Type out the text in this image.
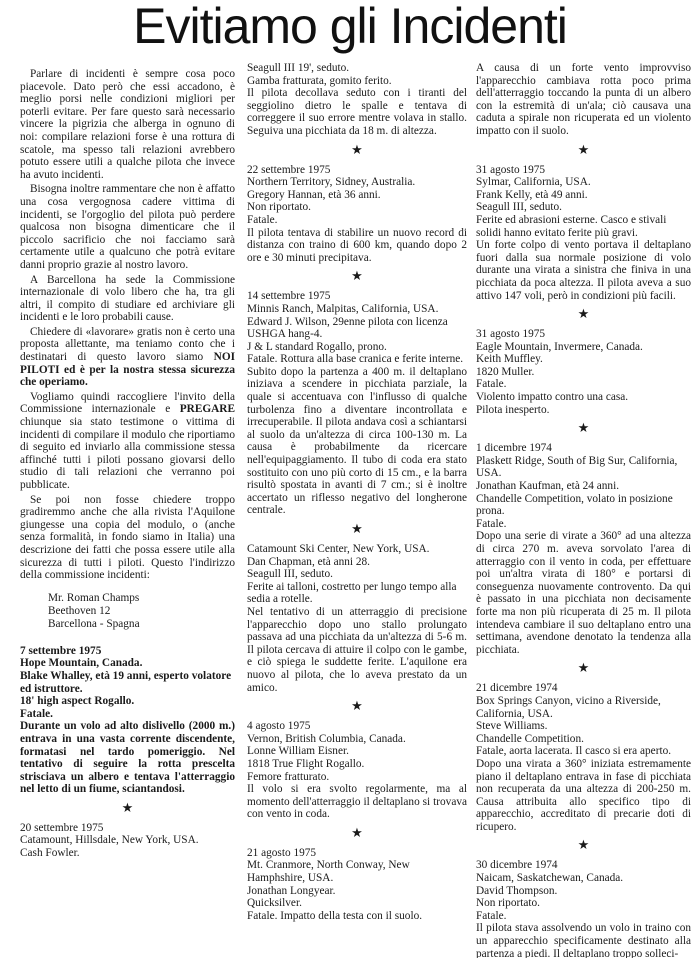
Evitiamo gli Incidenti

Parlare di incidenti è sempre cosa poco piacevole. Dato però che essi accadono, è meglio porsi nelle condizioni migliori per poterli evitare. Per fare questo sarà necessario vincere la pigrizia che alberga in ognuno di noi: compilare relazioni forse è una rottura di scatole, ma spesso tali relazioni avrebbero potuto essere utili a qualche pilota che invece ha avuto incidenti.

Bisogna inoltre rammentare che non è affatto una cosa vergognosa cadere vittima di incidenti, se l'orgoglio del pilota può perdere qualcosa non bisogna dimenticare che il piccolo sacrificio che noi facciamo sarà certamente utile a qualcuno che potrà evitare danni proprio grazie al nostro lavoro.

A Barcellona ha sede la Commissione internazionale di volo libero che ha, tra gli altri, il compito di studiare ed archiviare gli incidenti e le loro probabili cause.

Chiedere di «lavorare» gratis non è certo una proposta allettante, ma teniamo conto che i destinatari di questo lavoro siamo NOI PILOTI ed è per la nostra stessa sicurezza che operiamo.

Vogliamo quindi raccogliere l'invito della Commissione internazionale e PREGARE chiunque sia stato testimone o vittima di incidenti di compilare il modulo che riportiamo di seguito ed inviarlo alla commissione stessa affinché tutti i piloti possano giovarsi dello studio di tali relazioni che verranno poi pubblicate.

Se poi non fosse chiedere troppo gradiremmo anche che alla rivista l'Aquilone giungesse una copia del modulo, o (anche senza formalità, in fondo siamo in Italia) una descrizione dei fatti che possa essere utile alla sicurezza di tutti i piloti. Questo l'indirizzo della commissione incidenti:

Mr. Roman Champs
Beethoven 12
Barcellona - Spagna
7 settembre 1975
Hope Mountain, Canada.
Blake Whalley, età 19 anni, esperto volatore ed istruttore.
18' high aspect Rogallo.
Fatale.
Durante un volo ad alto dislivello (2000 m.) entrava in una vasta corrente discendente, formatasi nel tardo pomeriggio. Nel tentativo di seguire la rotta prescelta strisciava un albero e tentava l'atterraggio nel letto di un fiume, sciantandosi.
★
20 settembre 1975
Catamount, Hillsdale, New York, USA.
Cash Fowler.
Seagull III 19', seduto.
Gamba fratturata, gomito ferito.
Il pilota decollava seduto con i tiranti del seggiolino dietro le spalle e tentava di correggere il suo errore mentre volava in stallo. Seguiva una picchiata da 18 m. di altezza.
★
22 settembre 1975
Northern Territory, Sidney, Australia.
Gregory Hannan, età 36 anni.
Non riportato.
Fatale.
Il pilota tentava di stabilire un nuovo record di distanza con traino di 600 km, quando dopo 2 ore e 30 minuti precipitava.
★
14 settembre 1975
Minnis Ranch, Malpitas, California, USA.
Edward J. Wilson, 29enne pilota con licenza USHGA hang-4.
J & L standard Rogallo, prono.
Fatale. Rottura alla base cranica e ferite interne.
Subito dopo la partenza a 400 m. il deltaplano iniziava a scendere in picchiata parziale, la quale si accentuava con l'influsso di qualche turbolenza fino a diventare incontrollata e irrecuperabile. Il pilota andava così a schiantarsi al suolo da un'altezza di circa 100-130 m. La causa è probabilmente da ricercare nell'equipaggiamento. Il tubo di coda era stato sostituito con uno più corto di 15 cm., e la barra risultò spostata in avanti di 7 cm.; si è inoltre accertato un riflesso negativo del longherone centrale.
★
Catamount Ski Center, New York, USA.
Dan Chapman, età anni 28.
Seagull III, seduto.
Ferite ai talloni, costretto per lungo tempo alla sedia a rotelle.
Nel tentativo di un atterraggio di precisione l'apparecchio dopo uno stallo prolungato passava ad una picchiata da un'altezza di 5-6 m. Il pilota cercava di attuire il colpo con le gambe, e ciò spiega le suddette ferite. L'aquilone era nuovo al pilota, che lo aveva prestato da un amico.
★
4 agosto 1975
Vernon, British Columbia, Canada.
Lonne William Eisner.
1818 True Flight Rogallo.
Femore fratturato.
Il volo si era svolto regolarmente, ma al momento dell'atterraggio il deltaplano si trovava con vento in coda.
★
21 agosto 1975
Mt. Cranmore, North Conway, New Hamphshire, USA.
Jonathan Longyear.
Quicksilver.
Fatale. Impatto della testa con il suolo.
A causa di un forte vento improvviso l'apparecchio cambiava rotta poco prima dell'atterraggio toccando la punta di un albero con la estremità di un'ala; ciò causava una caduta a spirale non ricuperata ed un violento impatto con il suolo.
★
31 agosto 1975
Sylmar, California, USA.
Frank Kelly, età 49 anni.
Seagull III, seduto.
Ferite ed abrasioni esterne. Casco e stivali solidi hanno evitato ferite più gravi.
Un forte colpo di vento portava il deltaplano fuori dalla sua normale posizione di volo durante una virata a sinistra che finiva in una picchiata da poca altezza. Il pilota aveva a suo attivo 147 voli, però in condizioni più facili.
★
31 agosto 1975
Eagle Mountain, Invermere, Canada.
Keith Muffley.
1820 Muller.
Fatale.
Violento impatto contro una casa.
Pilota inesperto.
★
1 dicembre 1974
Plaskett Ridge, South of Big Sur, California, USA.
Jonathan Kaufman, età 24 anni.
Chandelle Competition, volato in posizione prona.
Fatale.
Dopo una serie di virate a 360° ad una altezza di circa 270 m. aveva sorvolato l'area di atterraggio con il vento in coda, per effettuare poi un'altra virata di 180° e portarsi di conseguenza nuovamente controvento. Da qui è passato in una picchiata non decisamente forte ma non più ricuperata di 25 m. Il pilota intendeva cambiare il suo deltaplano entro una settimana, avendone denotato la tendenza alla picchiata.
★
21 dicembre 1974
Box Springs Canyon, vicino a Riverside, California, USA.
Steve Williams.
Chandelle Competition.
Fatale, aorta lacerata. Il casco si era aperto.
Dopo una virata a 360° iniziata estremamente piano il deltaplano entrava in fase di picchiata non recuperata da una altezza di 200-250 m. Causa attribuita allo specifico tipo di apparecchio, accreditato di precarie doti di ricupero.
★
30 dicembre 1974
Naicam, Saskatchewan, Canada.
David Thompson.
Non riportato.
Fatale.
Il pilota stava assolvendo un volo in traino con un apparecchio specificamente destinato alla partenza a piedi. Il deltaplano troppo solleci-
